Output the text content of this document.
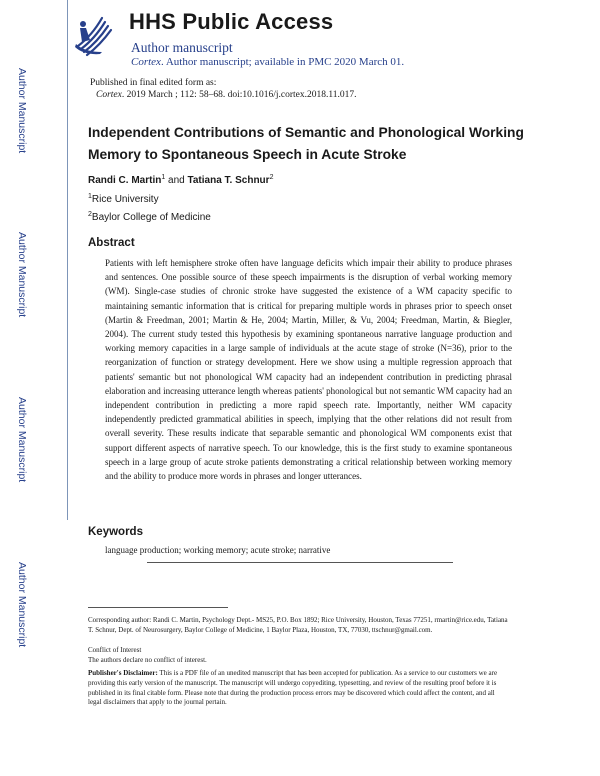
Author Manuscript
Author Manuscript
Author Manuscript
Author Manuscript
HHS Public Access
Author manuscript
Cortex. Author manuscript; available in PMC 2020 March 01.
Published in final edited form as:
Cortex. 2019 March ; 112: 58–68. doi:10.1016/j.cortex.2018.11.017.
Independent Contributions of Semantic and Phonological Working Memory to Spontaneous Speech in Acute Stroke
Randi C. Martin$^1$ and Tatiana T. Schnur$^2$
$^1$Rice University
$^2$Baylor College of Medicine
Abstract
Patients with left hemisphere stroke often have language deficits which impair their ability to produce phrases and sentences. One possible source of these speech impairments is the disruption of verbal working memory (WM). Single-case studies of chronic stroke have suggested the existence of a WM capacity specific to maintaining semantic information that is critical for preparing multiple words in phrases prior to speech onset (Martin & Freedman, 2001; Martin & He, 2004; Martin, Miller, & Vu, 2004; Freedman, Martin, & Biegler, 2004). The current study tested this hypothesis by examining spontaneous narrative language production and working memory capacities in a large sample of individuals at the acute stage of stroke (N=36), prior to the reorganization of function or strategy development. Here we show using a multiple regression approach that patients' semantic but not phonological WM capacity had an independent contribution in predicting phrasal elaboration and increasing utterance length whereas patients' phonological but not semantic WM capacity had an independent contribution in predicting a more rapid speech rate. Importantly, neither WM capacity independently predicted grammatical abilities in speech, implying that the other relations did not result from overall severity. These results indicate that separable semantic and phonological WM components exist that support different aspects of narrative speech. To our knowledge, this is the first study to examine spontaneous speech in a large group of acute stroke patients demonstrating a critical relationship between working memory and the ability to produce more words in phrases and longer utterances.
Keywords
language production; working memory; acute stroke; narrative
Corresponding author: Randi C. Martin, Psychology Dept.- MS25, P.O. Box 1892; Rice University, Houston, Texas 77251, rmartin@rice.edu, Tatiana T. Schnur, Dept. of Neurosurgery, Baylor College of Medicine, 1 Baylor Plaza, Houston, TX, 77030, ttschnur@gmail.com.
Conflict of Interest
The authors declare no conflict of interest.
Publisher's Disclaimer: This is a PDF file of an unedited manuscript that has been accepted for publication. As a service to our customers we are providing this early version of the manuscript. The manuscript will undergo copyediting, typesetting, and review of the resulting proof before it is published in its final citable form. Please note that during the production process errors may be discovered which could affect the content, and all legal disclaimers that apply to the journal pertain.
